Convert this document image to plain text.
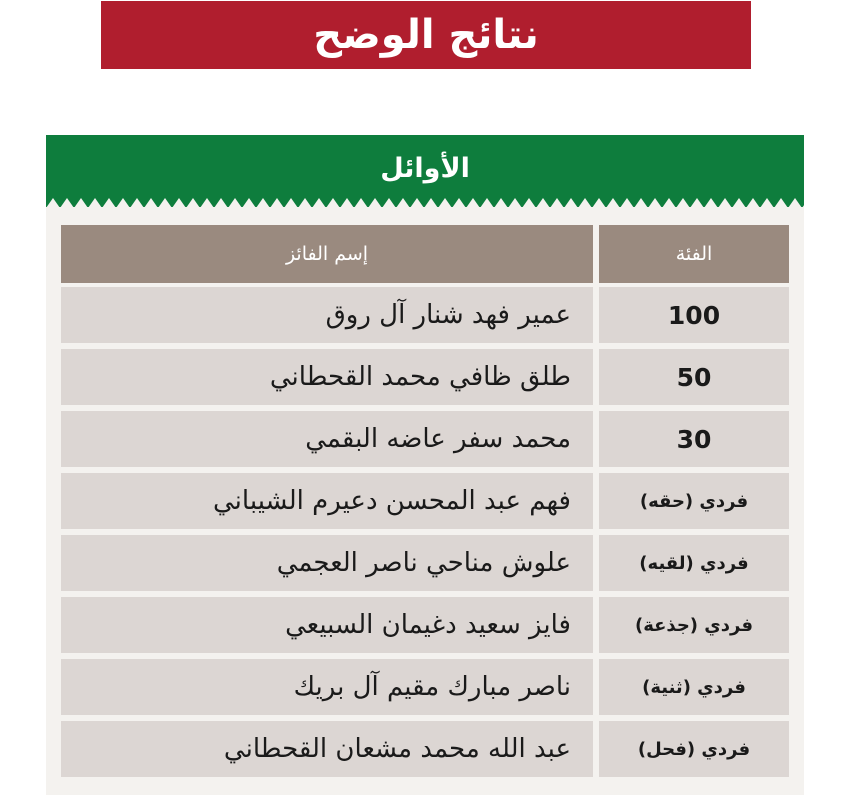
نتائج الوضح
الأوائل
الفئة
إسم الفائز
100
عمير فهد شنار آل روق
50
طلق ظافي محمد القحطاني
30
محمد سفر عاضه البقمي
فردي (حقه)
فهم عبد المحسن دعيرم الشيباني
فردي (لقيه)
علوش مناحي ناصر العجمي
فردي (جذعة)
فايز سعيد دغيمان السبيعي
فردي (ثنية)
ناصر مبارك مقيم آل بريك
فردي (فحل)
عبد الله محمد مشعان القحطاني
